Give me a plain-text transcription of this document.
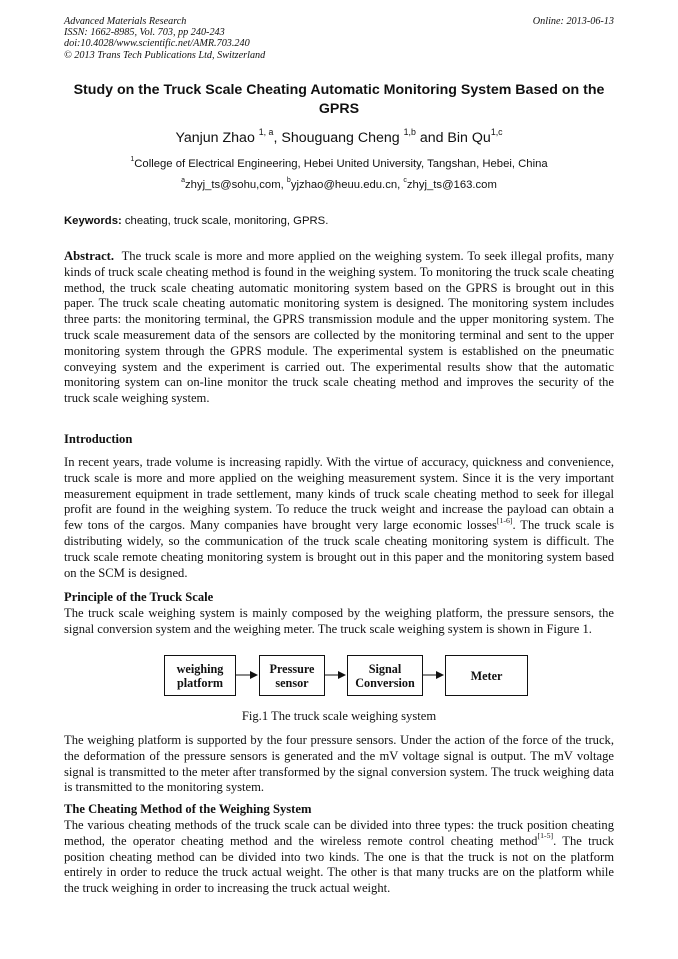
Advanced Materials Research
ISSN: 1662-8985, Vol. 703, pp 240-243
doi:10.4028/www.scientific.net/AMR.703.240
© 2013 Trans Tech Publications Ltd, Switzerland
Online: 2013-06-13
Study on the Truck Scale Cheating Automatic Monitoring System Based on the GPRS
Yanjun Zhao $^{1, a}$, Shouguang Cheng $^{1,b}$ and Bin Qu$^{1,c}$
$^1$College of Electrical Engineering, Hebei United University, Tangshan, Hebei, China
$^a$zhyj_ts@sohu,com, $^b$yjzhao@heuu.edu.cn, $^c$zhyj_ts@163.com
Keywords: cheating, truck scale, monitoring, GPRS.
Abstract.  The truck scale is more and more applied on the weighing system. To seek illegal profits, many kinds of truck scale cheating method is found in the weighing system. To monitoring the truck scale cheating method, the truck scale cheating automatic monitoring system based on the GPRS is brought out in this paper. The truck scale cheating automatic monitoring system is designed. The monitoring system includes three parts: the monitoring terminal, the GPRS transmission module and the upper monitoring system. The truck scale measurement data of the sensors are collected by the monitoring terminal and sent to the upper monitoring system through the GPRS module. The experimental system is established on the pneumatic conveying system and the experiment is carried out. The experimental results show that the automatic monitoring system can on-line monitor the truck scale cheating method and improves the security of the truck scale weighing system.
Introduction
In recent years, trade volume is increasing rapidly. With the virtue of accuracy, quickness and convenience, truck scale is more and more applied on the weighing measurement system. Since it is the very important measurement equipment in trade settlement, many kinds of truck scale cheating method to seek for illegal profit are found in the weighing system. To reduce the truck weight and increase the payload can obtain a few tons of the cargos. Many companies have brought very large economic losses[1-6]. The truck scale is distributing widely, so the communication of the truck scale cheating monitoring system is difficult. The truck scale remote cheating monitoring system is brought out in this paper and the monitoring system based on the SCM is designed.
Principle of the Truck Scale
The truck scale weighing system is mainly composed by the weighing platform, the pressure sensors, the signal conversion system and the weighing meter. The truck scale weighing system is shown in Figure 1.
weighing
platform
Pressure
sensor
Signal
Conversion	Meter
Fig.1 The truck scale weighing system
The weighing platform is supported by the four pressure sensors. Under the action of the force of the truck, the deformation of the pressure sensors is generated and the mV voltage signal is output. The mV voltage signal is transmitted to the meter after transformed by the signal conversion system. The truck weighing data is transmitted to the monitoring system.
The Cheating Method of the Weighing System
The various cheating methods of the truck scale can be divided into three types: the truck position cheating method, the operator cheating method and the wireless remote control cheating method[1-5]. The truck position cheating method can be divided into two kinds. The one is that the truck is not on the platform entirely in order to reduce the truck actual weight. The other is that many trucks are on the platform while the truck weighing in order to increasing the truck actual weight.
